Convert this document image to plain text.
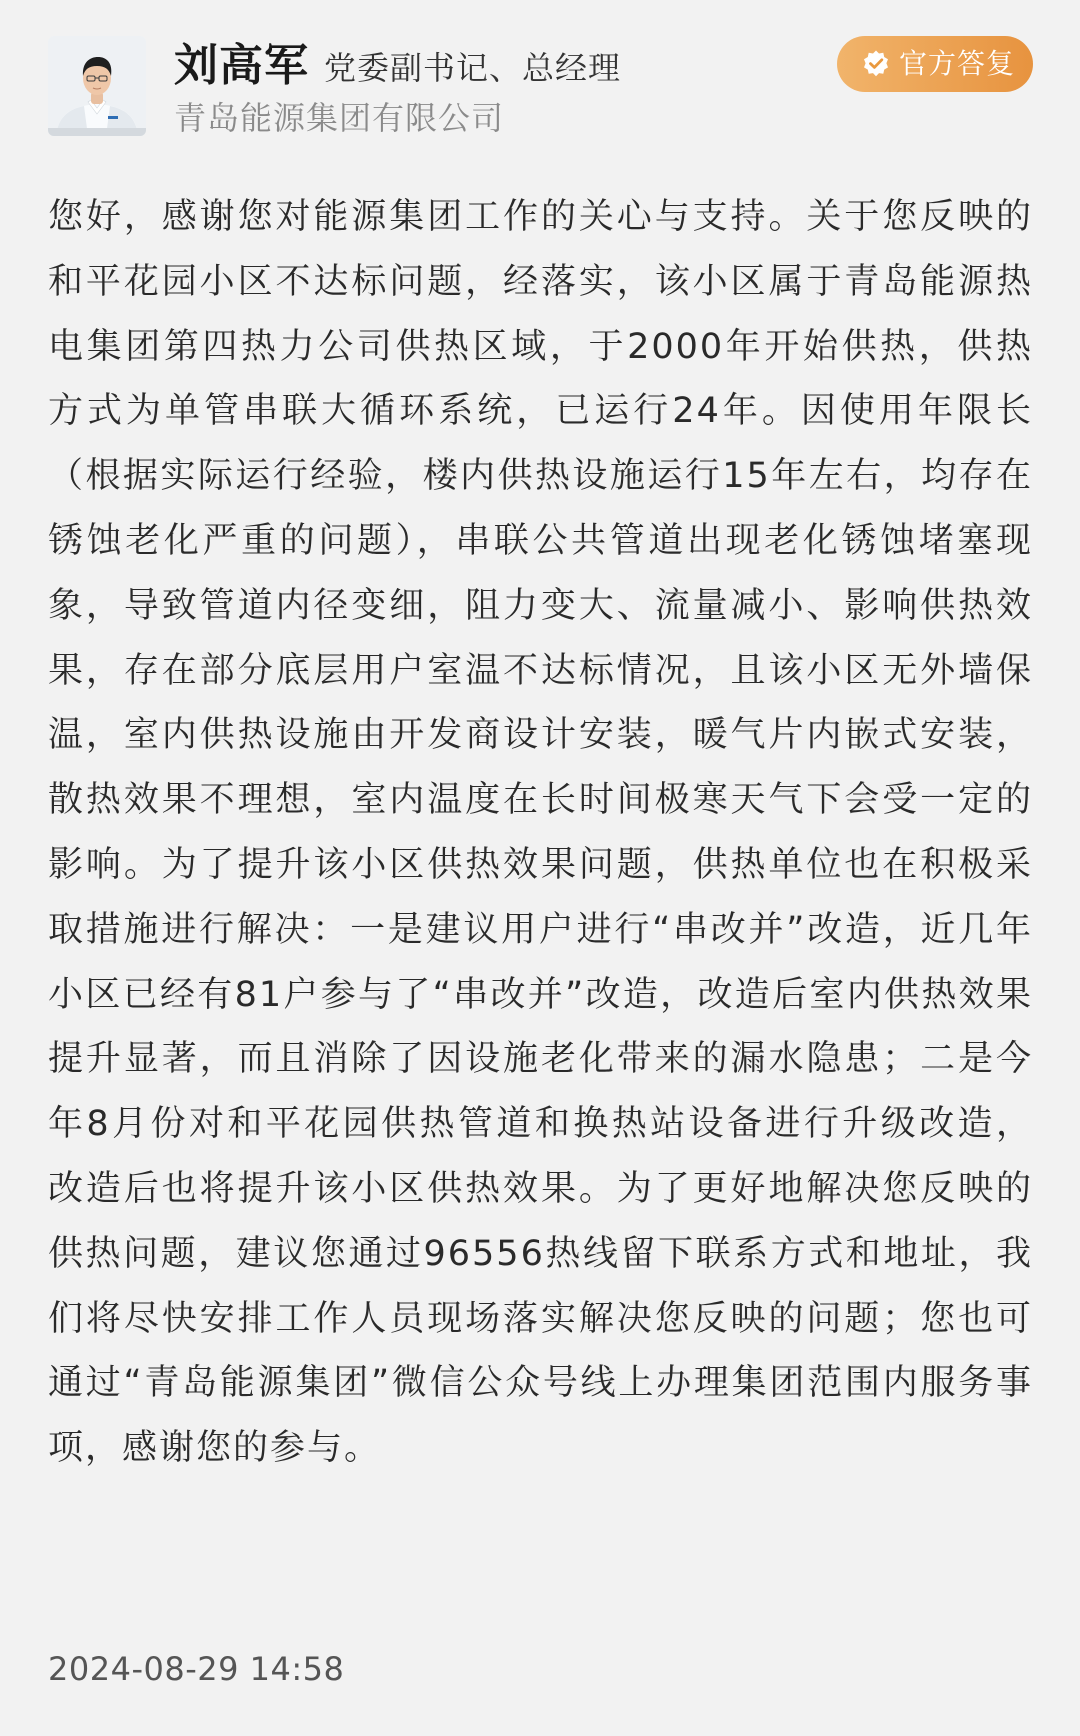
刘高军 党委副书记、总经理
青岛能源集团有限公司
官方答复

您好，感谢您对能源集团工作的关心与支持。关于您反映的和平花园小区不达标问题，经落实，该小区属于青岛能源热电集团第四热力公司供热区域，于2000年开始供热，供热方式为单管串联大循环系统，已运行24年。因使用年限长（根据实际运行经验，楼内供热设施运行15年左右，均存在锈蚀老化严重的问题），串联公共管道出现老化锈蚀堵塞现象，导致管道内径变细，阻力变大、流量减小、影响供热效果，存在部分底层用户室温不达标情况，且该小区无外墙保温，室内供热设施由开发商设计安装，暖气片内嵌式安装，散热效果不理想，室内温度在长时间极寒天气下会受一定的影响。为了提升该小区供热效果问题，供热单位也在积极采取措施进行解决：一是建议用户进行“串改并”改造，近几年小区已经有81户参与了“串改并”改造，改造后室内供热效果提升显著，而且消除了因设施老化带来的漏水隐患；二是今年8月份对和平花园供热管道和换热站设备进行升级改造，改造后也将提升该小区供热效果。为了更好地解决您反映的供热问题，建议您通过96556热线留下联系方式和地址，我们将尽快安排工作人员现场落实解决您反映的问题；您也可通过“青岛能源集团”微信公众号线上办理集团范围内服务事项，感谢您的参与。

2024-08-29 14:58
